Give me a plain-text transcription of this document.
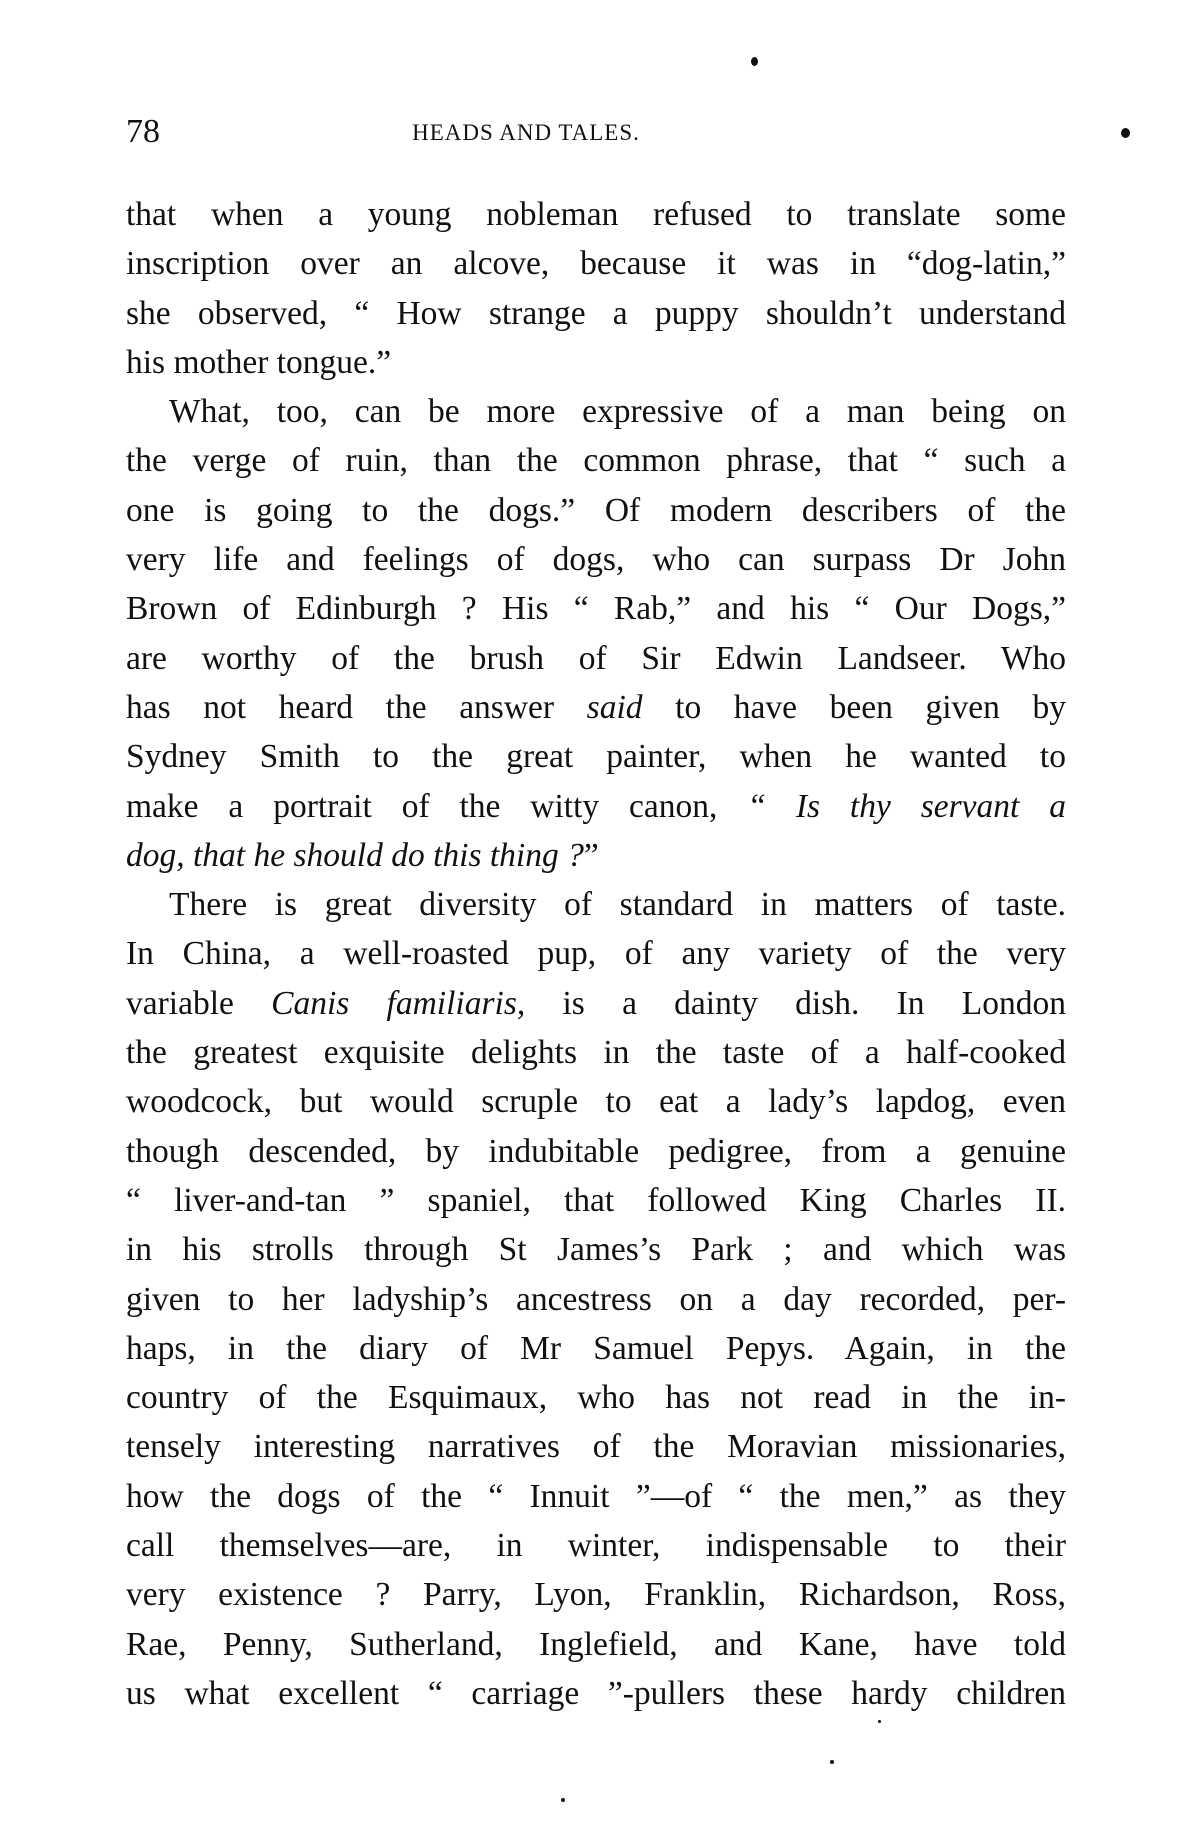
78	HEADS AND TALES.
that when a young nobleman refused to translate some
inscription over an alcove, because it was in “dog-latin,”
she observed, “ How strange a puppy shouldn’t understand
his mother tongue.”
What, too, can be more expressive of a man being on
the verge of ruin, than the common phrase, that “ such a
one is going to the dogs.” Of modern describers of the
very life and feelings of dogs, who can surpass Dr John
Brown of Edinburgh ? His “ Rab,” and his “ Our Dogs,”
are worthy of the brush of Sir Edwin Landseer. Who
has not heard the answer said to have been given by
Sydney Smith to the great painter, when he wanted to
make a portrait of the witty canon, “ Is thy servant a
dog, that he should do this thing ?”
There is great diversity of standard in matters of taste.
In China, a well-roasted pup, of any variety of the very
variable Canis familiaris, is a dainty dish. In London
the greatest exquisite delights in the taste of a half-cooked
woodcock, but would scruple to eat a lady’s lapdog, even
though descended, by indubitable pedigree, from a genuine
“ liver-and-tan ” spaniel, that followed King Charles II.
in his strolls through St James’s Park ; and which was
given to her ladyship’s ancestress on a day recorded, per-
haps, in the diary of Mr Samuel Pepys. Again, in the
country of the Esquimaux, who has not read in the in-
tensely interesting narratives of the Moravian missionaries,
how the dogs of the “ Innuit ”—of “ the men,” as they
call themselves—are, in winter, indispensable to their
very existence ? Parry, Lyon, Franklin, Richardson, Ross,
Rae, Penny, Sutherland, Inglefield, and Kane, have told
us what excellent “ carriage ”-pullers these hardy children
